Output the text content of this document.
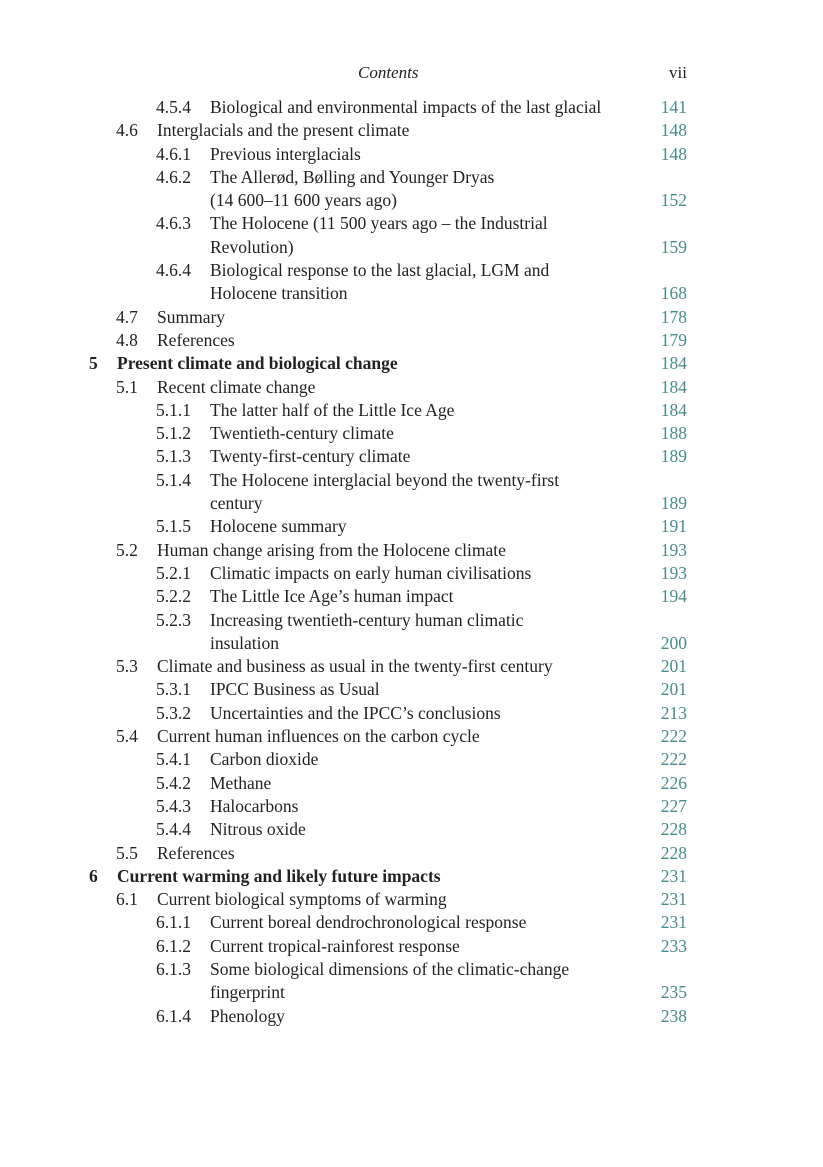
Contents	vii
4.5.4 Biological and environmental impacts of the last glacial	141
4.6 Interglacials and the present climate	148
4.6.1 Previous interglacials	148
4.6.2 The Allerød, Bølling and Younger Dryas
(14 600–11 600 years ago)	152
4.6.3 The Holocene (11 500 years ago – the Industrial
Revolution)	159
4.6.4 Biological response to the last glacial, LGM and
Holocene transition	168
4.7 Summary	178
4.8 References	179
5 Present climate and biological change	184
5.1 Recent climate change	184
5.1.1 The latter half of the Little Ice Age	184
5.1.2 Twentieth-century climate	188
5.1.3 Twenty-first-century climate	189
5.1.4 The Holocene interglacial beyond the twenty-first
century	189
5.1.5 Holocene summary	191
5.2 Human change arising from the Holocene climate	193
5.2.1 Climatic impacts on early human civilisations	193
5.2.2 The Little Ice Age’s human impact	194
5.2.3 Increasing twentieth-century human climatic
insulation	200
5.3 Climate and business as usual in the twenty-first century	201
5.3.1 IPCC Business as Usual	201
5.3.2 Uncertainties and the IPCC’s conclusions	213
5.4 Current human influences on the carbon cycle	222
5.4.1 Carbon dioxide	222
5.4.2 Methane	226
5.4.3 Halocarbons	227
5.4.4 Nitrous oxide	228
5.5 References	228
6 Current warming and likely future impacts	231
6.1 Current biological symptoms of warming	231
6.1.1 Current boreal dendrochronological response	231
6.1.2 Current tropical-rainforest response	233
6.1.3 Some biological dimensions of the climatic-change
fingerprint	235
6.1.4 Phenology	238
